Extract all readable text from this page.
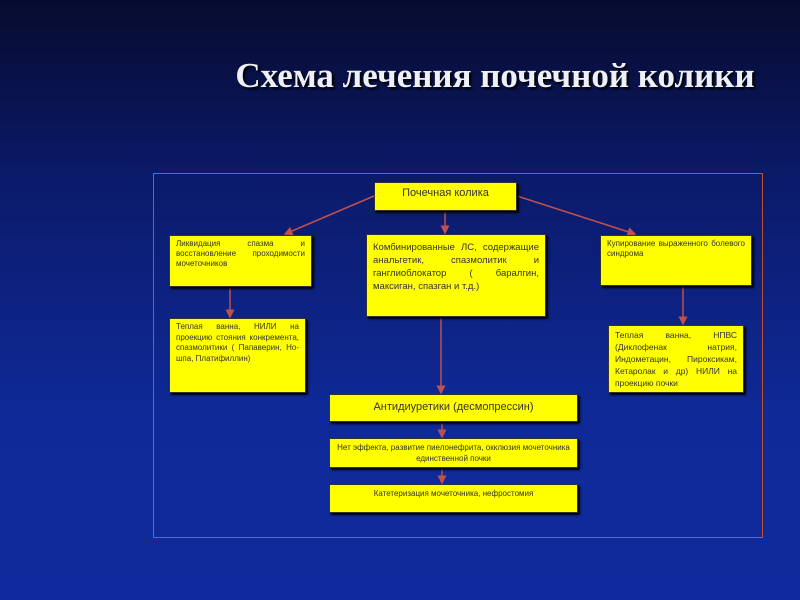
Схема лечения почечной колики
Почечная колика
Ликвидация спазма и восстановление проходимости мочеточников
Комбинированные ЛС, содержащие анальгетик, спазмолитик и ганглиоблокатор ( баралгин, максиган, спазган и т.д.)
Купирование выраженного болевого синдрома
Теплая ванна, НИЛИ на проекцию стояния конкремента, спазмолитики ( Папаверин, Но-шпа, Платифиллин)
Теплая ванна, НПВС (Диклофенак натрия, Индометацин, Пироксикам, Кетаролак и др) НИЛИ на проекцию почки
Антидиуретики (десмопрессин)
Нет эффекта, развитие пиелонефрита, окклюзия мочеточника единственной почки
Катетеризация мочеточника, нефростомия
